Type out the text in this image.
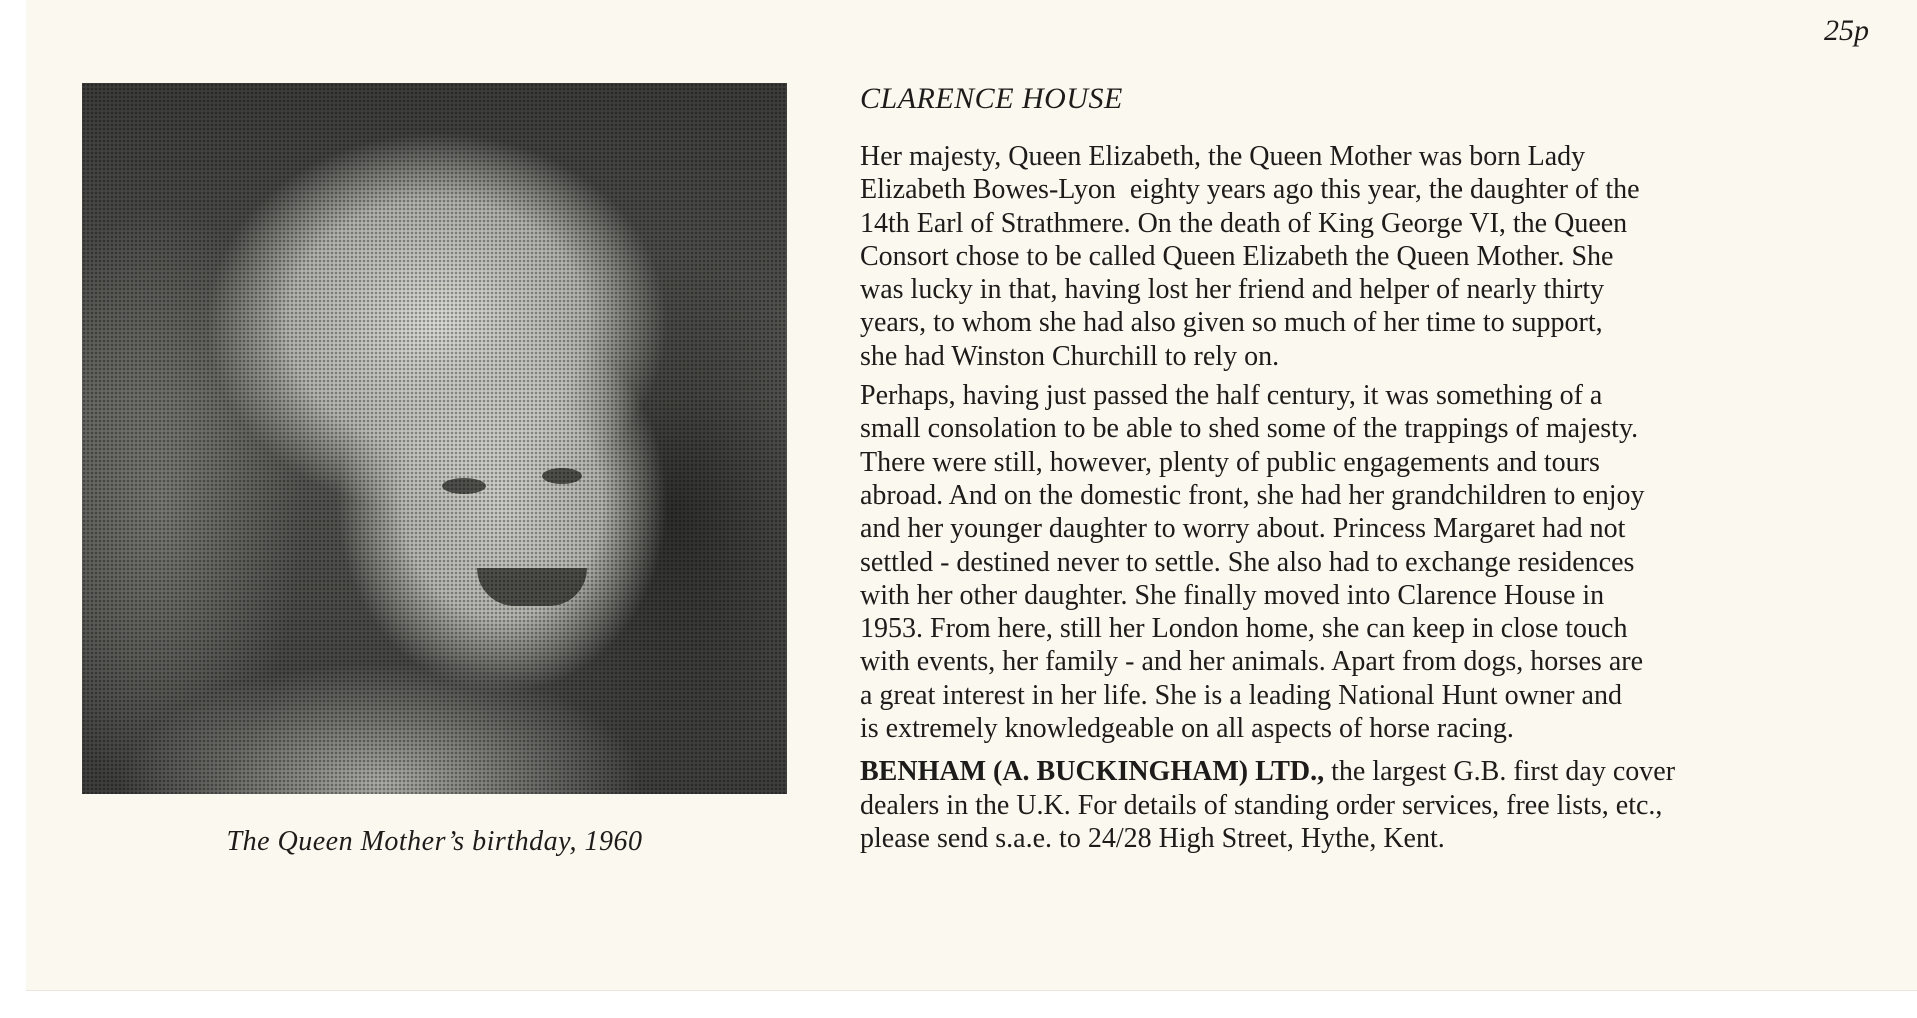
25p
The Queen Mother’s birthday, 1960
CLARENCE HOUSE
Her majesty, Queen Elizabeth, the Queen Mother was born Lady
Elizabeth Bowes-Lyon  eighty years ago this year, the daughter of the
14th Earl of Strathmere. On the death of King George VI, the Queen
Consort chose to be called Queen Elizabeth the Queen Mother. She
was lucky in that, having lost her friend and helper of nearly thirty
years, to whom she had also given so much of her time to support,
she had Winston Churchill to rely on.
Perhaps, having just passed the half century, it was something of a
small consolation to be able to shed some of the trappings of majesty.
There were still, however, plenty of public engagements and tours
abroad. And on the domestic front, she had her grandchildren to enjoy
and her younger daughter to worry about. Princess Margaret had not
settled - destined never to settle. She also had to exchange residences
with her other daughter. She finally moved into Clarence House in
1953. From here, still her London home, she can keep in close touch
with events, her family - and her animals. Apart from dogs, horses are
a great interest in her life. She is a leading National Hunt owner and
is extremely knowledgeable on all aspects of horse racing.
BENHAM (A. BUCKINGHAM) LTD., the largest G.B. first day cover
dealers in the U.K. For details of standing order services, free lists, etc.,
please send s.a.e. to 24/28 High Street, Hythe, Kent.
